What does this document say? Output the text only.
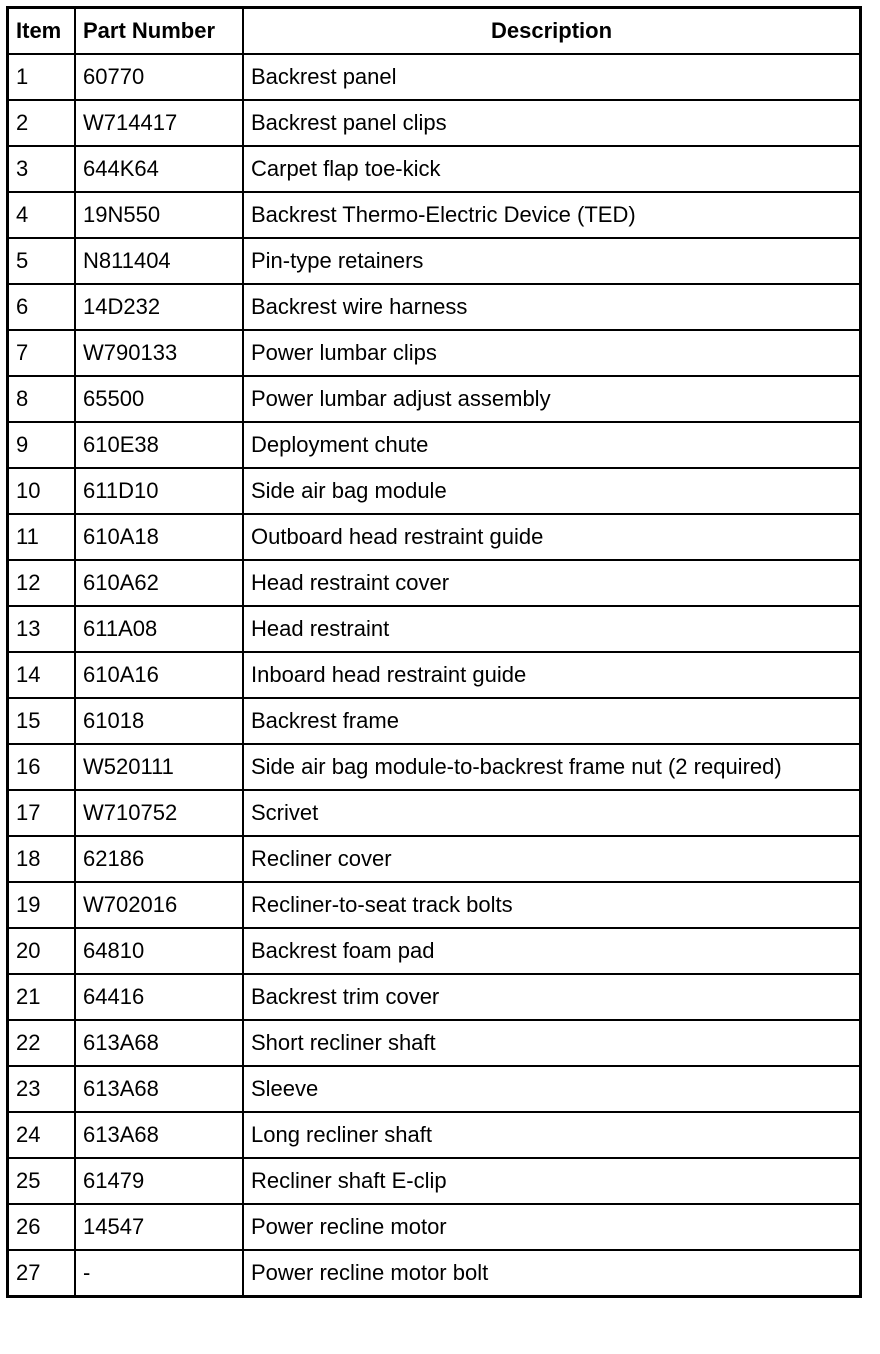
Item	Part Number	Description
1	60770	Backrest panel
2	W714417	Backrest panel clips
3	644K64	Carpet flap toe-kick
4	19N550	Backrest Thermo-Electric Device (TED)
5	N811404	Pin-type retainers
6	14D232	Backrest wire harness
7	W790133	Power lumbar clips
8	65500	Power lumbar adjust assembly
9	610E38	Deployment chute
10	611D10	Side air bag module
11	610A18	Outboard head restraint guide
12	610A62	Head restraint cover
13	611A08	Head restraint
14	610A16	Inboard head restraint guide
15	61018	Backrest frame
16	W520111	Side air bag module-to-backrest frame nut (2 required)
17	W710752	Scrivet
18	62186	Recliner cover
19	W702016	Recliner-to-seat track bolts
20	64810	Backrest foam pad
21	64416	Backrest trim cover
22	613A68	Short recliner shaft
23	613A68	Sleeve
24	613A68	Long recliner shaft
25	61479	Recliner shaft E-clip
26	14547	Power recline motor
27	-	Power recline motor bolt
